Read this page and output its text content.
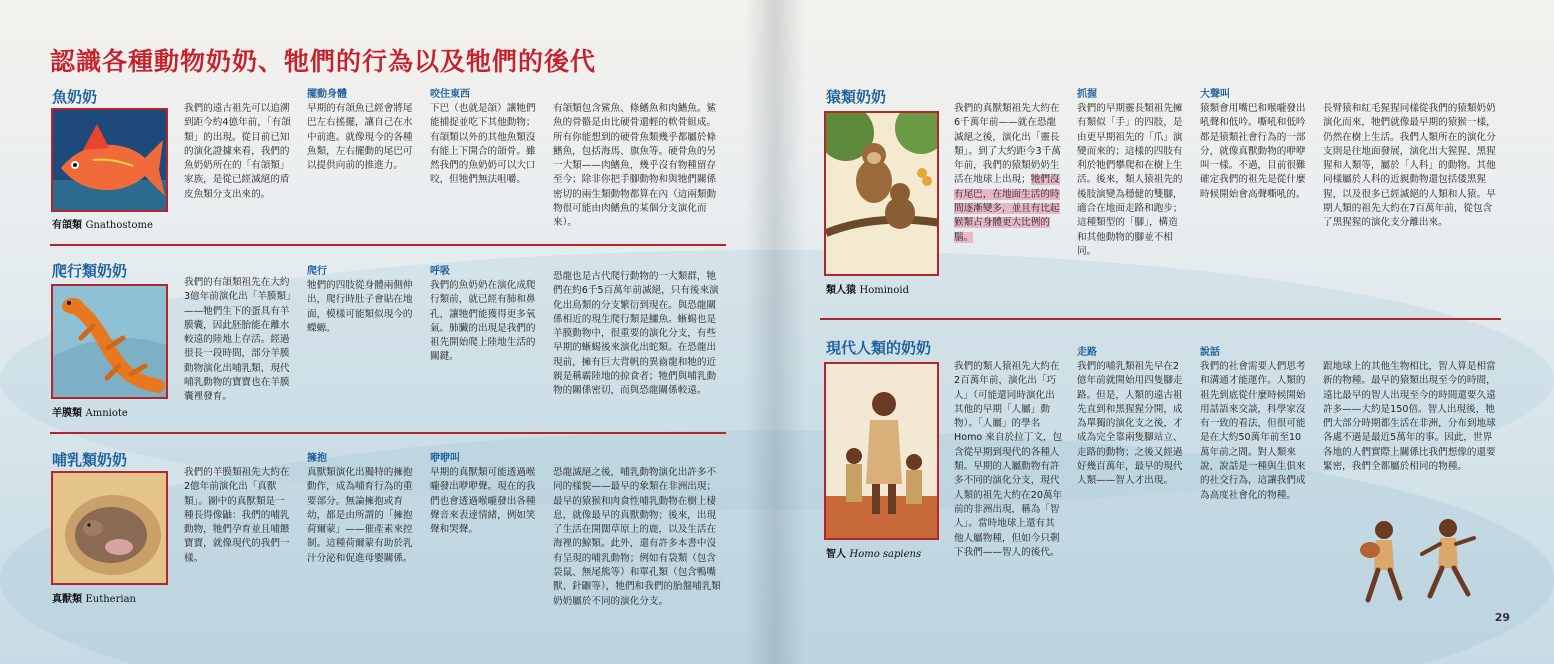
認識各種動物奶奶、牠們的行為以及牠們的後代
魚奶奶
有頜類 Gnathostome
我們的遠古祖先可以追溯到距今約4億年前，「有頜類」的出現。從目前已知的演化證據來看，我們的魚奶奶所在的「有頜類」家族，是從已經滅絕的盾皮魚類分支出來的。
擺動身體
早期的有頜魚已經會將尾巴左右搖擺，讓自己在水中前進。就像現今的各種魚類，左右擺動的尾巴可以提供向前的推進力。
咬住東西
下巴（也就是頜）讓牠們能捕捉並吃下其他動物；有頜類以外的其他魚類沒有能上下開合的頜骨。雖然我們的魚奶奶可以大口咬，但牠們無法咀嚼。
有頜類包含鯊魚、條鰭魚和肉鰭魚。鯊魚的骨骼是由比硬骨還輕的軟骨組成。所有你能想到的硬骨魚類幾乎都屬於條鰭魚，包括海馬、旗魚等。硬骨魚的另一大類——肉鰭魚，幾乎沒有物種留存至今；除非你把手腳動物和與牠們關係密切的兩生類動物都算在內（這兩類動物很可能由肉鰭魚的某個分支演化而來）。
爬行類奶奶
羊膜類 Amniote
我們的有頜類祖先在大約3億年前演化出「羊膜類」——牠們生下的蛋具有羊膜囊，因此胚胎能在離水較遠的陸地上存活。經過很長一段時間，部分羊膜動物演化出哺乳類，現代哺乳動物的寶寶也在羊膜囊裡發育。
爬行
牠們的四肢從身體兩側伸出，爬行時肚子會貼在地面，模樣可能類似現今的蠑螈。
呼吸
我們的魚奶奶在演化成爬行類前，就已經有肺和鼻孔，讓牠們能獲得更多氧氣。肺臟的出現是我們的祖先開始爬上陸地生活的關鍵。
恐龍也是古代爬行動物的一大類群，牠們在約6千5百萬年前滅絕，只有後來演化出鳥類的分支繁衍到現在。與恐龍關係相近的現生爬行類是鱷魚。蜥蜴也是羊膜動物中，很重要的演化分支，有些早期的蜥蜴後來演化出蛇類。在恐龍出現前，擁有巨大背帆的異齒龍和牠的近親是稱霸陸地的掠食者；牠們與哺乳動物的關係密切，而與恐龍關係較遠。
哺乳類奶奶
真獸類 Eutherian
我們的羊膜類祖先大約在2億年前演化出「真獸類」。圖中的真獸類是一種長得像鼬：我們的哺乳動物，牠們孕育並且哺餵寶寶，就像現代的我們一樣。
擁抱
真獸類演化出獨特的擁抱動作，成為哺育行為的重要部分。無論擁抱或育幼，都是由所謂的「擁抱荷爾蒙」——催產素來控制。這種荷爾蒙有助於乳汁分泌和促進母嬰關係。
咿咿叫
早期的真獸類可能透過喉嚨發出咿咿聲。現在的我們也會透過喉嚨發出各種聲音來表達情緒，例如笑聲和哭聲。
恐龍滅絕之後，哺乳動物演化出許多不同的樣貌——最早的象類在非洲出現；最早的猿猴和肉食性哺乳動物在樹上棲息，就像最早的真獸動物；後來，出現了生活在開闊草原上的鹿，以及生活在海裡的鯨類。此外，還有許多本書中沒有呈現的哺乳動物；例如有袋類（包含袋鼠、無尾熊等）和單孔類（包含鴨嘴獸、針鼴等），牠們和我們的胎盤哺乳類奶奶屬於不同的演化分支。
猿類奶奶
類人猿 Hominoid
我們的真獸類祖先大約在6千萬年前——就在恐龍滅絕之後，演化出「靈長類」。到了大約距今3千萬年前，我們的猿類奶奶生活在地球上出現；牠們沒有尾巴，在地面生活的時間逐漸變多，並且有比起猴類占身體更大比例的腦。
抓握
我們的早期靈長類祖先擁有類似「手」的四肢，是由更早期祖先的「爪」演變而來的；這樣的四肢有利於牠們攀爬和在樹上生活。後來，類人猿祖先的後肢演變為穩健的雙腳，適合在地面走路和跑步；這種類型的「腳」，構造和其他動物的腳並不相同。
大聲叫
猿類會用嘴巴和喉嚨發出吼聲和低吟。嘶吼和低吟都是猿類社會行為的一部分，就像真獸動物的咿咿叫一樣。不過，目前很難確定我們的祖先是從什麼時候開始會高聲嘶吼的。
長臂猿和紅毛猩猩同樣從我們的猿類奶奶演化而來，牠們就像最早期的猿猴一樣，仍然在樹上生活。我們人類所在的演化分支則是往地面發展，演化出大猩猩、黑猩猩和人類等，屬於「人科」的動物。其他同樣屬於人科的近親動物還包括倭黑猩猩，以及很多已經滅絕的人類和人猿。早期人類的祖先大約在7百萬年前，從包含了黑猩猩的演化支分離出來。
現代人類的奶奶
智人 Homo sapiens
我們的類人猿祖先大約在2百萬年前，演化出「巧人」（可能還同時演化出其他的早期「人屬」動物）。「人屬」的學名 Homo 來自於拉丁文，包含從早期到現代的各種人類。早期的人屬動物有許多不同的演化分支，現代人類的祖先大約在20萬年前的非洲出現，稱為「智人」。當時地球上還有其他人屬物種，但如今只剩下我們——智人的後代。
走路
我們的哺乳類祖先早在2億年前就開始用四隻腳走路。但是，人類的遠古祖先直到和黑猩猩分開，成為單獨的演化支之後，才成為完全靠兩隻腳站立、走路的動物；之後又經過好幾百萬年，最早的現代人類——智人才出現。
說話
我們的社會需要人們思考和溝通才能運作。人類的祖先到底從什麼時候開始用話語來交談，科學家沒有一致的看法，但很可能是在大約50萬年前至10萬年前之間。對人類來說，說話是一種與生俱來的社交行為，這讓我們成為高度社會化的物種。
跟地球上的其他生物相比，智人算是相當新的物種。最早的猿類出現至今的時間，遠比最早的智人出現至今的時間還要久遠許多——大約是150倍。智人出現後，牠們大部分時期都生活在非洲，分布到地球各處不過是最近5萬年的事。因此，世界各地的人們實際上關係比我們想像的還要緊密，我們全都屬於相同的物種。
29
